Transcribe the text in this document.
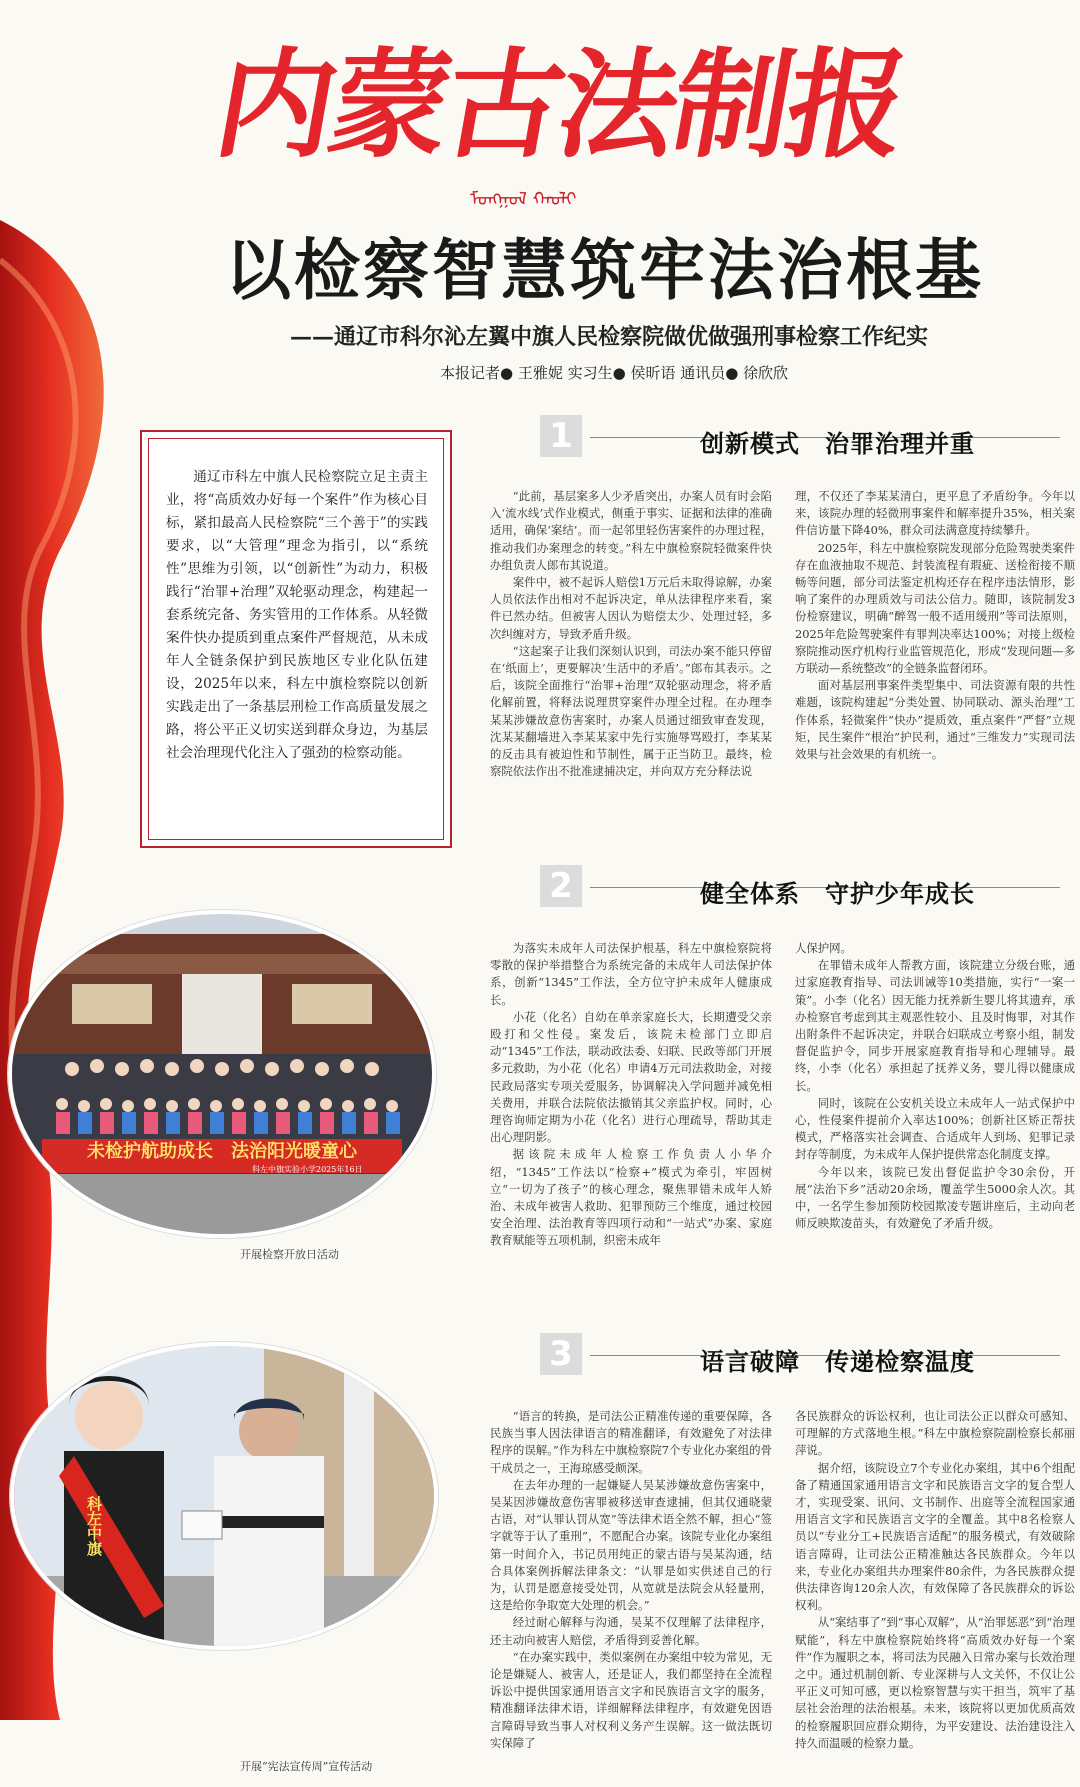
内蒙古法制报
ᠮᠣᠩᠭᠣᠯ ᠬᠠᠤᠯᠢ
以检察智慧筑牢法治根基
——通辽市科尔沁左翼中旗人民检察院做优做强刑事检察工作纪实
本报记者● 王雅妮 实习生● 侯昕语 通讯员● 徐欣欣
通辽市科左中旗人民检察院立足主责主业，将“高质效办好每一个案件”作为核心目标，紧扣最高人民检察院“三个善于”的实践要求，以“大管理”理念为指引，以“系统性”思维为引领，以“创新性”为动力，积极践行“治罪+治理”双轮驱动理念，构建起一套系统完备、务实管用的工作体系。从轻微案件快办提质到重点案件严督规范，从未成年人全链条保护到民族地区专业化队伍建设，2025年以来，科左中旗检察院以创新实践走出了一条基层刑检工作高质量发展之路，将公平正义切实送到群众身边，为基层社会治理现代化注入了强劲的检察动能。
1	创新模式　治罪治理并重

“此前，基层案多人少矛盾突出，办案人员有时会陷入‘流水线’式作业模式，侧重于事实、证据和法律的准确适用，确保‘案结’。而一起邻里轻伤害案件的办理过程，推动我们办案理念的转变。”科左中旗检察院轻微案件快办组负责人郎布其说道。

案件中，被不起诉人赔偿1万元后未取得谅解，办案人员依法作出相对不起诉决定，单从法律程序来看，案件已然办结。但被害人因认为赔偿太少、处理过轻，多次纠缠对方，导致矛盾升级。

“这起案子让我们深刻认识到，司法办案不能只停留在‘纸面上’，更要解决‘生活中的矛盾’。”郎布其表示。之后，该院全面推行“治罪+治理”双轮驱动理念，将矛盾化解前置，将释法说理贯穿案件办理全过程。在办理李某某涉嫌故意伤害案时，办案人员通过细致审查发现，沈某某翻墙进入李某某家中先行实施辱骂殴打，李某某的反击具有被迫性和节制性，属于正当防卫。最终，检察院依法作出不批准逮捕决定，并向双方充分释法说

理，不仅还了李某某清白，更平息了矛盾纷争。今年以来，该院办理的轻微刑事案件和解率提升35%，相关案件信访量下降40%，群众司法满意度持续攀升。

2025年，科左中旗检察院发现部分危险驾驶类案件存在血液抽取不规范、封装流程有瑕疵、送检衔接不顺畅等问题，部分司法鉴定机构还存在程序违法情形，影响了案件的办理质效与司法公信力。随即，该院制发3份检察建议，明确“醉驾一般不适用缓刑”等司法原则，2025年危险驾驶案件有罪判决率达100%；对接上级检察院推动医疗机构行业监管规范化，形成“发现问题—多方联动—系统整改”的全链条监督闭环。

面对基层刑事案件类型集中、司法资源有限的共性难题，该院构建起“分类处置、协同联动、源头治理”工作体系，轻微案件“快办”提质效，重点案件“严督”立规矩，民生案件“根治”护民利，通过“三维发力”实现司法效果与社会效果的有机统一。

2	健全体系　守护少年成长

为落实未成年人司法保护根基，科左中旗检察院将零散的保护举措整合为系统完备的未成年人司法保护体系，创新“1345”工作法，全方位守护未成年人健康成长。

小花（化名）自幼在单亲家庭长大，长期遭受父亲殴打和父性侵。案发后，该院未检部门立即启动“1345”工作法，联动政法委、妇联、民政等部门开展多元救助，为小花（化名）申请4万元司法救助金，对接民政局落实专项关爱服务，协调解决入学问题并减免相关费用，并联合法院依法撤销其父亲监护权。同时，心理咨询师定期为小花（化名）进行心理疏导，帮助其走出心理阴影。

据该院未成年人检察工作负责人小华介绍，“1345”工作法以“检察+”模式为牵引，牢固树立“一切为了孩子”的核心理念，聚焦罪错未成年人矫治、未成年被害人救助、犯罪预防三个维度，通过校园安全治理、法治教育等四项行动和“一站式”办案、家庭教育赋能等五项机制，织密未成年

人保护网。

在罪错未成年人帮教方面，该院建立分级台账，通过家庭教育指导、司法训诫等10类措施，实行“一案一策”。小李（化名）因无能力抚养新生婴儿将其遗弃，承办检察官考虑到其主观恶性较小、且及时悔罪，对其作出附条件不起诉决定，并联合妇联成立考察小组，制发督促监护令，同步开展家庭教育指导和心理辅导。最终，小李（化名）承担起了抚养义务，婴儿得以健康成长。

同时，该院在公安机关设立未成年人一站式保护中心，性侵案件提前介入率达100%；创新社区矫正帮扶模式，严格落实社会调查、合适成年人到场、犯罪记录封存等制度，为未成年人保护提供常态化制度支撑。

今年以来，该院已发出督促监护令30余份，开展“法治下乡”活动20余场，覆盖学生5000余人次。其中，一名学生参加预防校园欺凌专题讲座后，主动向老师反映欺凌苗头，有效避免了矛盾升级。

3	语言破障　传递检察温度

“语言的转换，是司法公正精准传递的重要保障，各民族当事人因法律语言的精准翻译，有效避免了对法律程序的误解。”作为科左中旗检察院7个专业化办案组的骨干成员之一，王海琼感受颇深。

在去年办理的一起嫌疑人吴某涉嫌故意伤害案中，吴某因涉嫌故意伤害罪被移送审查逮捕，但其仅通晓蒙古语，对“认罪认罚从宽”等法律术语全然不解，担心“签字就等于认了重刑”，不愿配合办案。该院专业化办案组第一时间介入，书记员用纯正的蒙古语与吴某沟通，结合具体案例拆解法律条文：“认罪是如实供述自己的行为，认罚是愿意接受处罚，从宽就是法院会从轻量刑，这是给你争取宽大处理的机会。”

经过耐心解释与沟通，吴某不仅理解了法律程序，还主动向被害人赔偿，矛盾得到妥善化解。

“在办案实践中，类似案例在办案组中较为常见，无论是嫌疑人、被害人，还是证人，我们都坚持在全流程诉讼中提供国家通用语言文字和民族语言文字的服务，精准翻译法律术语，详细解释法律程序，有效避免因语言障碍导致当事人对权利义务产生误解。这一做法既切实保障了

各民族群众的诉讼权利，也让司法公正以群众可感知、可理解的方式落地生根。”科左中旗检察院副检察长郝丽萍说。

据介绍，该院设立7个专业化办案组，其中6个组配备了精通国家通用语言文字和民族语言文字的复合型人才，实现受案、讯问、文书制作、出庭等全流程国家通用语言文字和民族语言文字的全覆盖。其中8名检察人员以“专业分工+民族语言适配”的服务模式，有效破除语言障碍，让司法公正精准触达各民族群众。今年以来，专业化办案组共办理案件80余件，为各民族群众提供法律咨询120余人次，有效保障了各民族群众的诉讼权利。

从“案结事了”到“事心双解”，从“治罪惩恶”到“治理赋能”，科左中旗检察院始终将“高质效办好每一个案件”作为履职之本，将司法为民融入日常办案与长效治理之中。通过机制创新、专业深耕与人文关怀，不仅让公平正义可知可感，更以检察智慧与实干担当，筑牢了基层社会治理的法治根基。未来，该院将以更加优质高效的检察履职回应群众期待，为平安建设、法治建设注入持久而温暖的检察力量。

未检护航助成长　法治阳光暖童心
科左中旗实验小学2025年16日
开展检察开放日活动
科左中旗
开展“宪法宣传周”宣传活动
